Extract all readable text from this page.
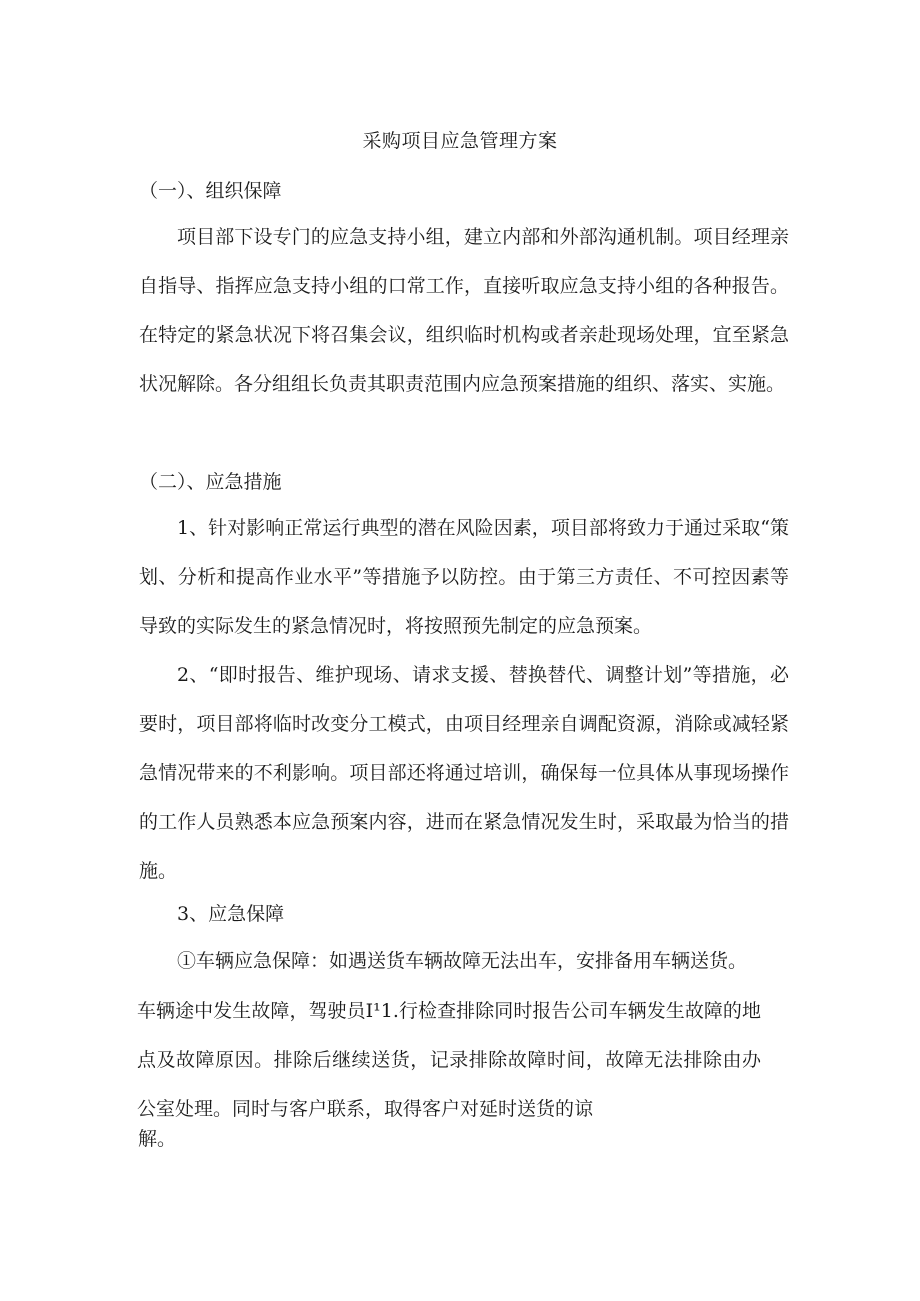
采购项目应急管理方案
（一）、组织保障

项目部下设专门的应急支持小组，建立内部和外部沟通机制。项目经理亲自指导、指挥应急支持小组的口常工作，直接听取应急支持小组的各种报告。在特定的紧急状况下将召集会议，组织临时机构或者亲赴现场处理，宜至紧急状况解除。各分组组长负责其职责范围内应急预案措施的组织、落实、实施。

（二）、应急措施

1、针对影响正常运行典型的潜在风险因素，项目部将致力于通过采取“策划、分析和提高作业水平”等措施予以防控。由于第三方责任、不可控因素等导致的实际发生的紧急情况时，将按照预先制定的应急预案。

2、“即时报告、维护现场、请求支援、替换替代、调整计划”等措施，必要时，项目部将临时改变分工模式，由项目经理亲自调配资源，消除或减轻紧急情况带来的不利影响。项目部还将通过培训，确保每一位具体从事现场操作的工作人员熟悉本应急预案内容，进而在紧急情况发生时，采取最为恰当的措施。

3、应急保障

①车辆应急保障：如遇送货车辆故障无法出车，安排备用车辆送货。

车辆途中发生故障，驾驶员I¹1.行检查排除同时报告公司车辆发生故障的地点及故障原因。排除后继续送货，记录排除故障时间，故障无法排除由办公室处理。同时与客户联系，取得客户对延时送货的谅

解。
